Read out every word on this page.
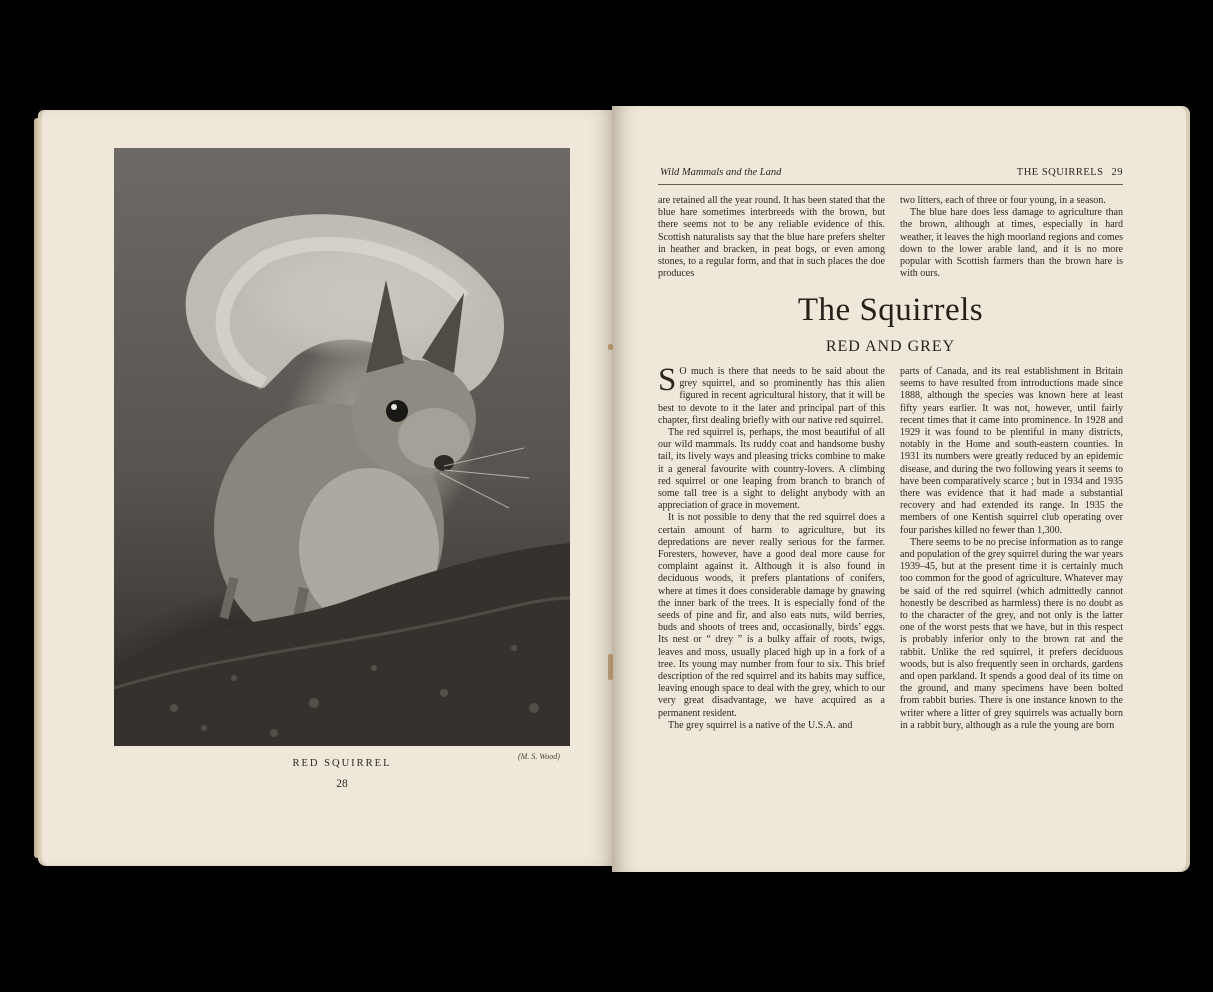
(M. S. Wood)
RED SQUIRREL
28
Wild Mammals and the Land	THE SQUIRRELS 29

are retained all the year round. It has been stated that the blue hare sometimes interbreeds with the brown, but there seems not to be any reliable evidence of this. Scottish naturalists say that the blue hare prefers shelter in heather and bracken, in peat bogs, or even among stones, to a regular form, and that in such places the doe produces

two litters, each of three or four young, in a season.

The blue hare does less damage to agriculture than the brown, although at times, especially in hard weather, it leaves the high moorland regions and comes down to the lower arable land, and it is no more popular with Scottish farmers than the brown hare is with ours.

The Squirrels
RED AND GREY

S O much is there that needs to be said about the grey squirrel, and so prominently has this alien figured in recent agricultural history, that it will be best to devote to it the later and principal part of this chapter, first dealing briefly with our native red squirrel.

The red squirrel is, perhaps, the most beautiful of all our wild mammals. Its ruddy coat and handsome bushy tail, its lively ways and pleasing tricks combine to make it a general favourite with country-lovers. A climbing red squirrel or one leaping from branch to branch of some tall tree is a sight to delight anybody with an appreciation of grace in movement.

It is not possible to deny that the red squirrel does a certain amount of harm to agriculture, but its depredations are never really serious for the farmer. Foresters, however, have a good deal more cause for complaint against it. Although it is also found in deciduous woods, it prefers plantations of conifers, where at times it does considerable damage by gnawing the inner bark of the trees. It is especially fond of the seeds of pine and fir, and also eats nuts, wild berries, buds and shoots of trees and, occasionally, birds’ eggs. Its nest or “ drey ” is a bulky affair of roots, twigs, leaves and moss, usually placed high up in a fork of a tree. Its young may number from four to six. This brief description of the red squirrel and its habits may suffice, leaving enough space to deal with the grey, which to our very great disadvantage, we have acquired as a permanent resident.

The grey squirrel is a native of the U.S.A. and

parts of Canada, and its real establishment in Britain seems to have resulted from introductions made since 1888, although the species was known here at least fifty years earlier. It was not, however, until fairly recent times that it came into prominence. In 1928 and 1929 it was found to be plentiful in many districts, notably in the Home and south-eastern counties. In 1931 its numbers were greatly reduced by an epidemic disease, and during the two following years it seems to have been comparatively scarce ; but in 1934 and 1935 there was evidence that it had made a substantial recovery and had extended its range. In 1935 the members of one Kentish squirrel club operating over four parishes killed no fewer than 1,300.

There seems to be no precise information as to range and population of the grey squirrel during the war years 1939–45, but at the present time it is certainly much too common for the good of agriculture. Whatever may be said of the red squirrel (which admittedly cannot honestly be described as harmless) there is no doubt as to the character of the grey, and not only is the latter one of the worst pests that we have, but in this respect is probably inferior only to the brown rat and the rabbit. Unlike the red squirrel, it prefers deciduous woods, but is also frequently seen in orchards, gardens and open parkland. It spends a good deal of its time on the ground, and many specimens have been bolted from rabbit buries. There is one instance known to the writer where a litter of grey squirrels was actually born in a rabbit bury, although as a rule the young are born
